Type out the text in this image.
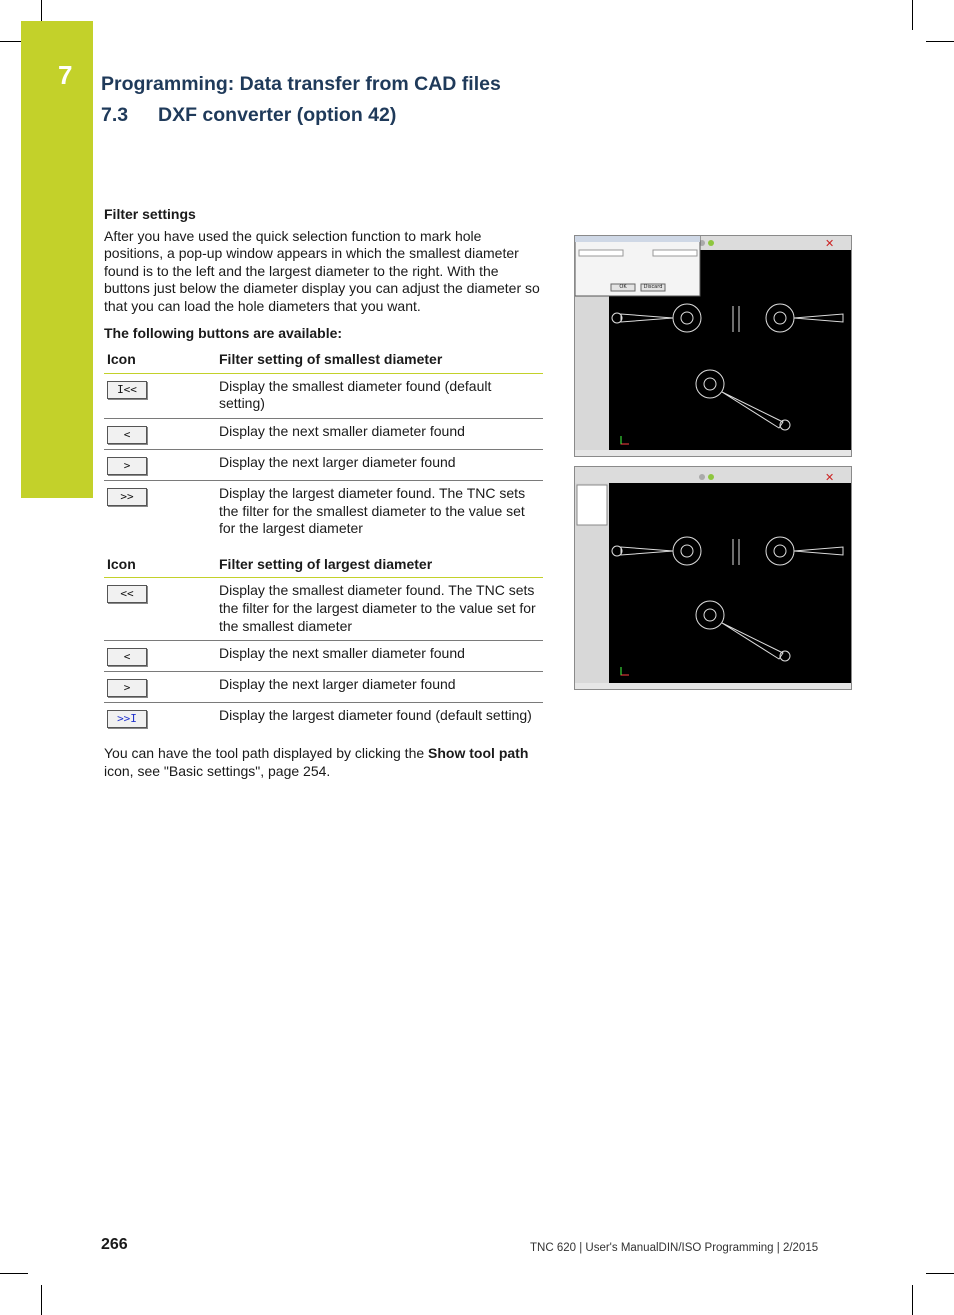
7 Programming: Data transfer from CAD files
7.3 DXF converter (option 42)

Filter settings

After you have used the quick selection function to mark hole positions, a pop-up window appears in which the smallest diameter found is to the left and the largest diameter to the right. With the buttons just below the diameter display you can adjust the diameter so that you can load the hole diameters that you want.

The following buttons are available:

Icon	Filter setting of smallest diameter
I<<	Display the smallest diameter found (default setting)
<	Display the next smaller diameter found
>	Display the next larger diameter found
>>	Display the largest diameter found. The TNC sets the filter for the smallest diameter to the value set for the largest diameter
Icon	Filter setting of largest diameter
<<	Display the smallest diameter found. The TNC sets the filter for the largest diameter to the value set for the smallest diameter
<	Display the next smaller diameter found
>	Display the next larger diameter found
>>I	Display the largest diameter found (default setting)

You can have the tool path displayed by clicking the Show tool path icon, see "Basic settings", page 254.

✕
OK	Discard
✕
266	TNC 620 | User's ManualDIN/ISO Programming | 2/2015
